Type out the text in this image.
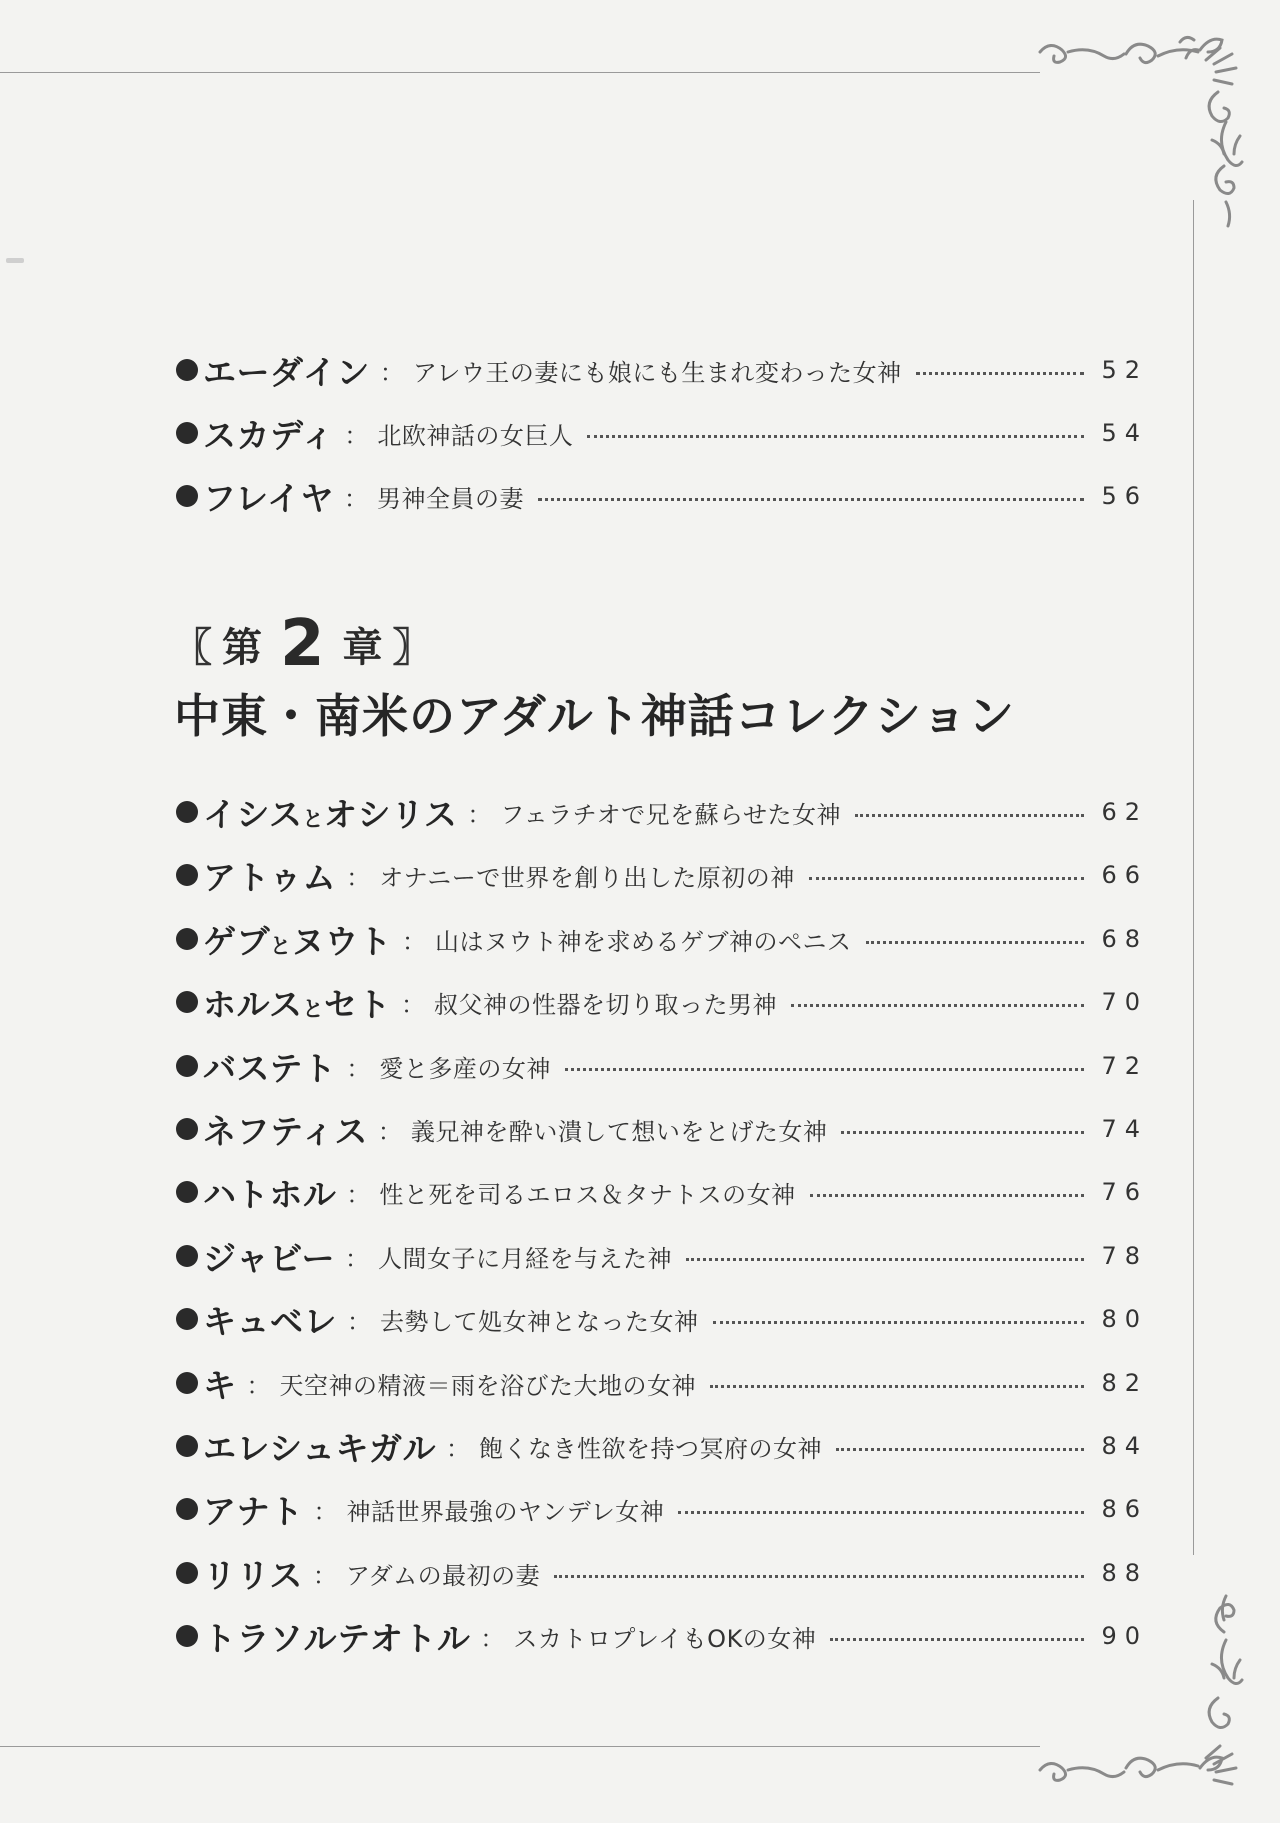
エーダイン ： アレウ王の妻にも娘にも生まれ変わった女神	52
スカディ ： 北欧神話の女巨人	54
フレイヤ ： 男神全員の妻	56
〖 第 2 章 〗
中東・南米のアダルト神話コレクション
イシスとオシリス ： フェラチオで兄を蘇らせた女神	62
アトゥム ： オナニーで世界を創り出した原初の神	66
ゲブとヌウト ： 山はヌウト神を求めるゲブ神のペニス	68
ホルスとセト ： 叔父神の性器を切り取った男神	70
バステト ： 愛と多産の女神	72
ネフティス ： 義兄神を酔い潰して想いをとげた女神	74
ハトホル ： 性と死を司るエロス＆タナトスの女神	76
ジャビー ： 人間女子に月経を与えた神	78
キュベレ ： 去勢して処女神となった女神	80
キ ： 天空神の精液＝雨を浴びた大地の女神	82
エレシュキガル ： 飽くなき性欲を持つ冥府の女神	84
アナト ： 神話世界最強のヤンデレ女神	86
リリス ： アダムの最初の妻	88
トラソルテオトル ： スカトロプレイもOKの女神	90
